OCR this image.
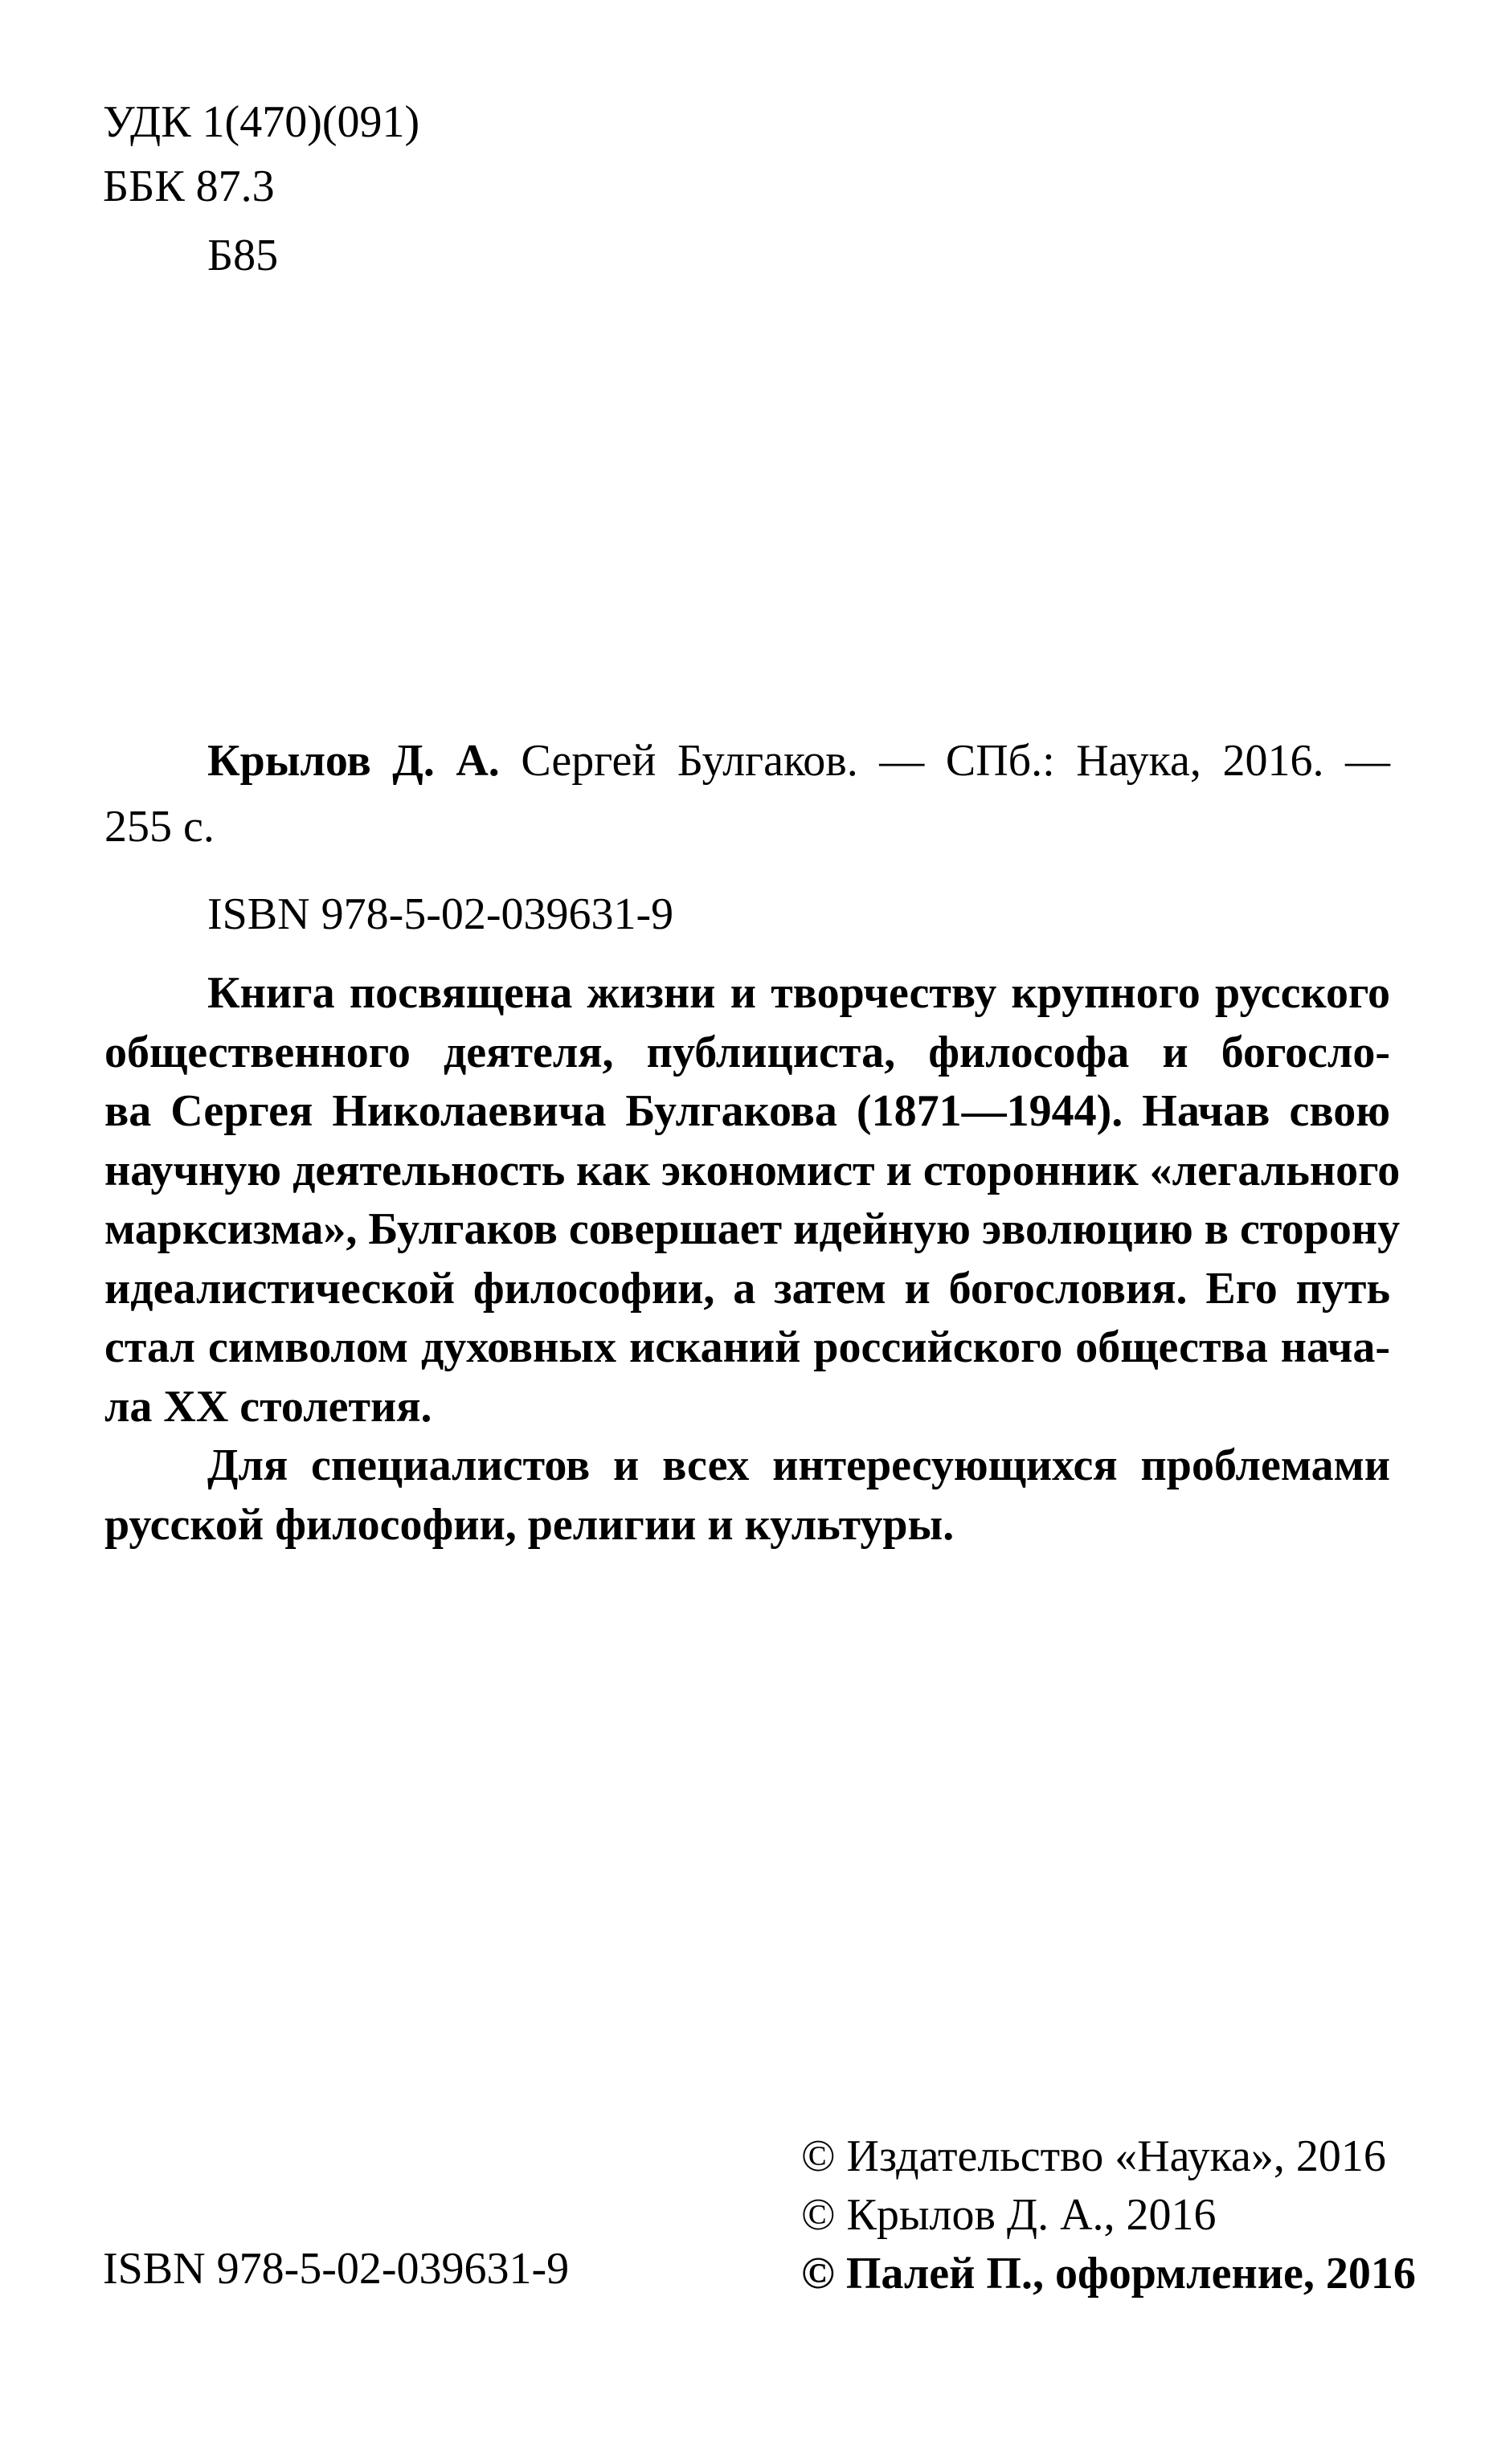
УДК 1(470)(091)
ББК 87.3
Б85

Крылов Д. А. Сергей Булгаков. — СПб.: Наука, 2016. —

255 с.

ISBN 978-5-02-039631-9
Книга посвящена жизни и творчеству крупного русского
общественного деятеля, публициста, философа и богосло-
ва Сергея Николаевича Булгакова (1871—1944). Начав свою
научную деятельность как экономист и сторонник «легального
марксизма», Булгаков совершает идейную эволюцию в сторону
идеалистической философии, а затем и богословия. Его путь
стал символом духовных исканий российского общества нача-
ла XX столетия.
Для специалистов и всех интересующихся проблемами
русской философии, религии и культуры.
© Издательство «Наука», 2016
© Крылов Д. А., 2016
© Палей П., оформление, 2016
ISBN 978-5-02-039631-9
